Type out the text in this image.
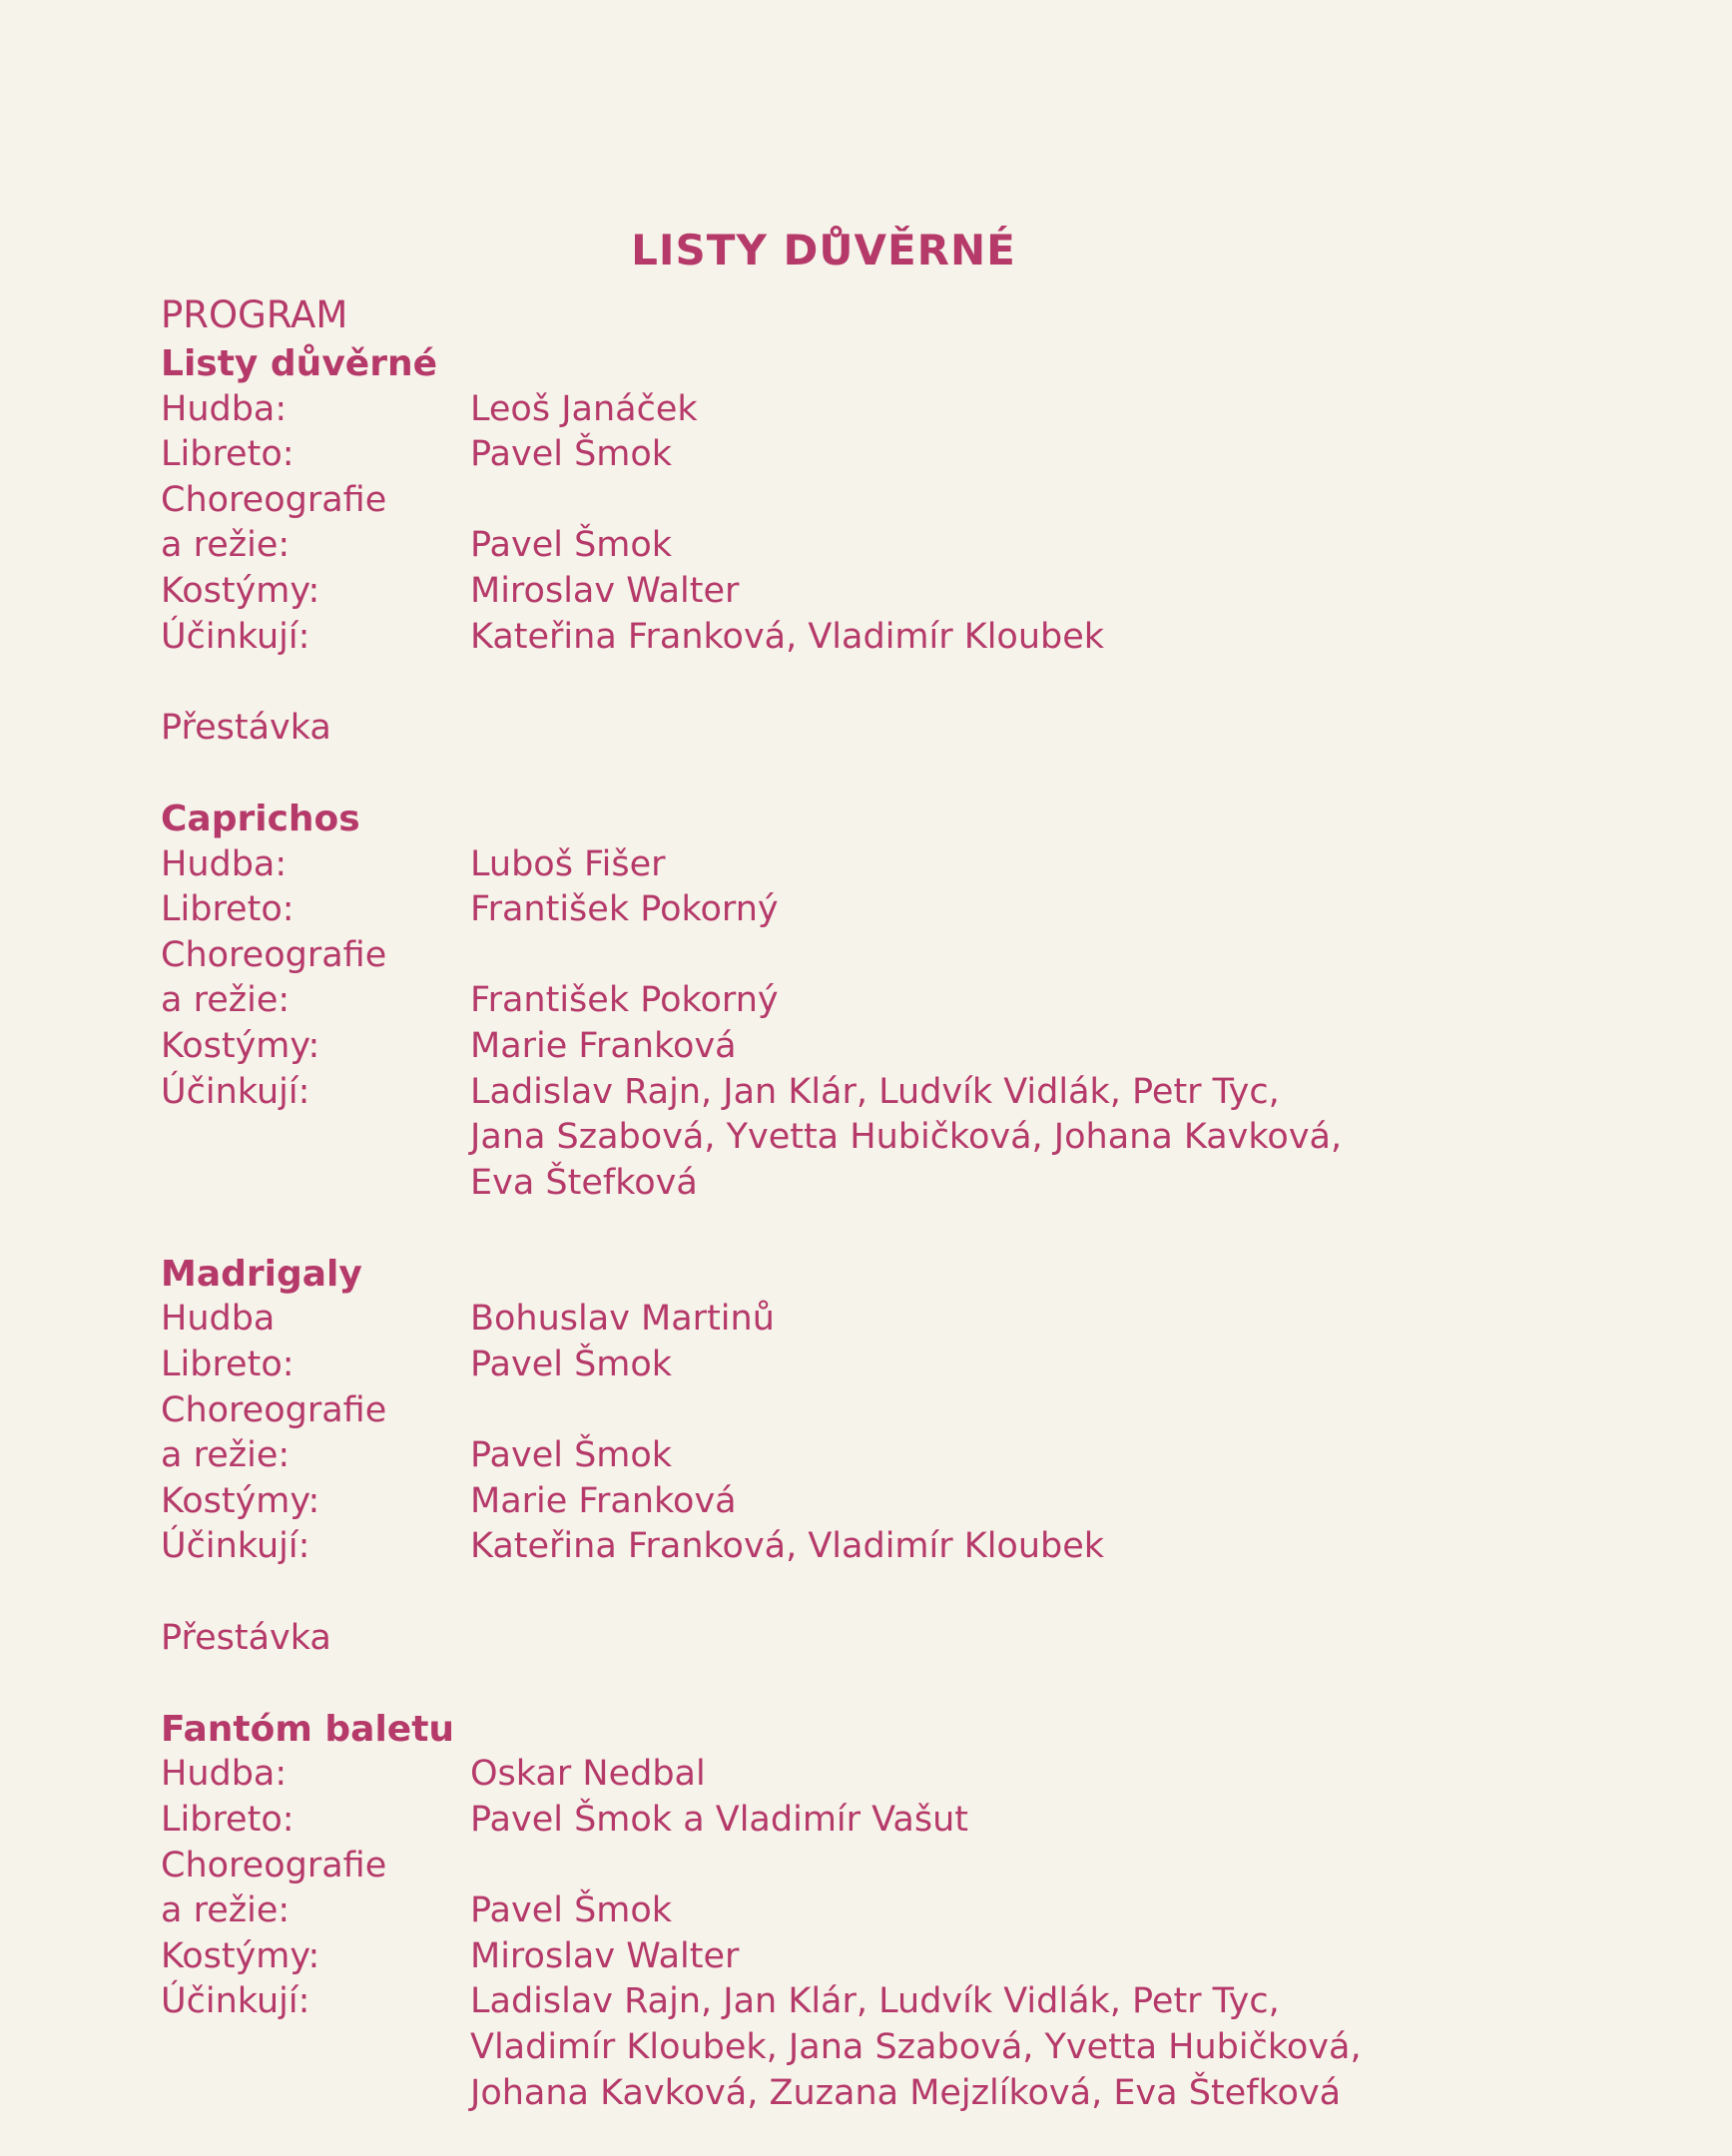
LISTY DŮVĚRNÉ
PROGRAM
Listy důvěrné
Hudba:	Leoš Janáček
Libreto:	Pavel Šmok
Choreografie
a režie:	Pavel Šmok
Kostýmy:	Miroslav Walter
Účinkují:	Kateřina Franková, Vladimír Kloubek
Přestávka
Caprichos
Hudba:	Luboš Fišer
Libreto:	František Pokorný
Choreografie
a režie:	František Pokorný
Kostýmy:	Marie Franková
Účinkují:	Ladislav Rajn, Jan Klár, Ludvík Vidlák, Petr Tyc,
Jana Szabová, Yvetta Hubičková, Johana Kavková,
Eva Štefková
Madrigaly
Hudba	Bohuslav Martinů
Libreto:	Pavel Šmok
Choreografie
a režie:	Pavel Šmok
Kostýmy:	Marie Franková
Účinkují:	Kateřina Franková, Vladimír Kloubek
Přestávka
Fantóm baletu
Hudba:	Oskar Nedbal
Libreto:	Pavel Šmok a Vladimír Vašut
Choreografie
a režie:	Pavel Šmok
Kostýmy:	Miroslav Walter
Účinkují:	Ladislav Rajn, Jan Klár, Ludvík Vidlák, Petr Tyc,
Vladimír Kloubek, Jana Szabová, Yvetta Hubičková,
Johana Kavková, Zuzana Mejzlíková, Eva Štefková
